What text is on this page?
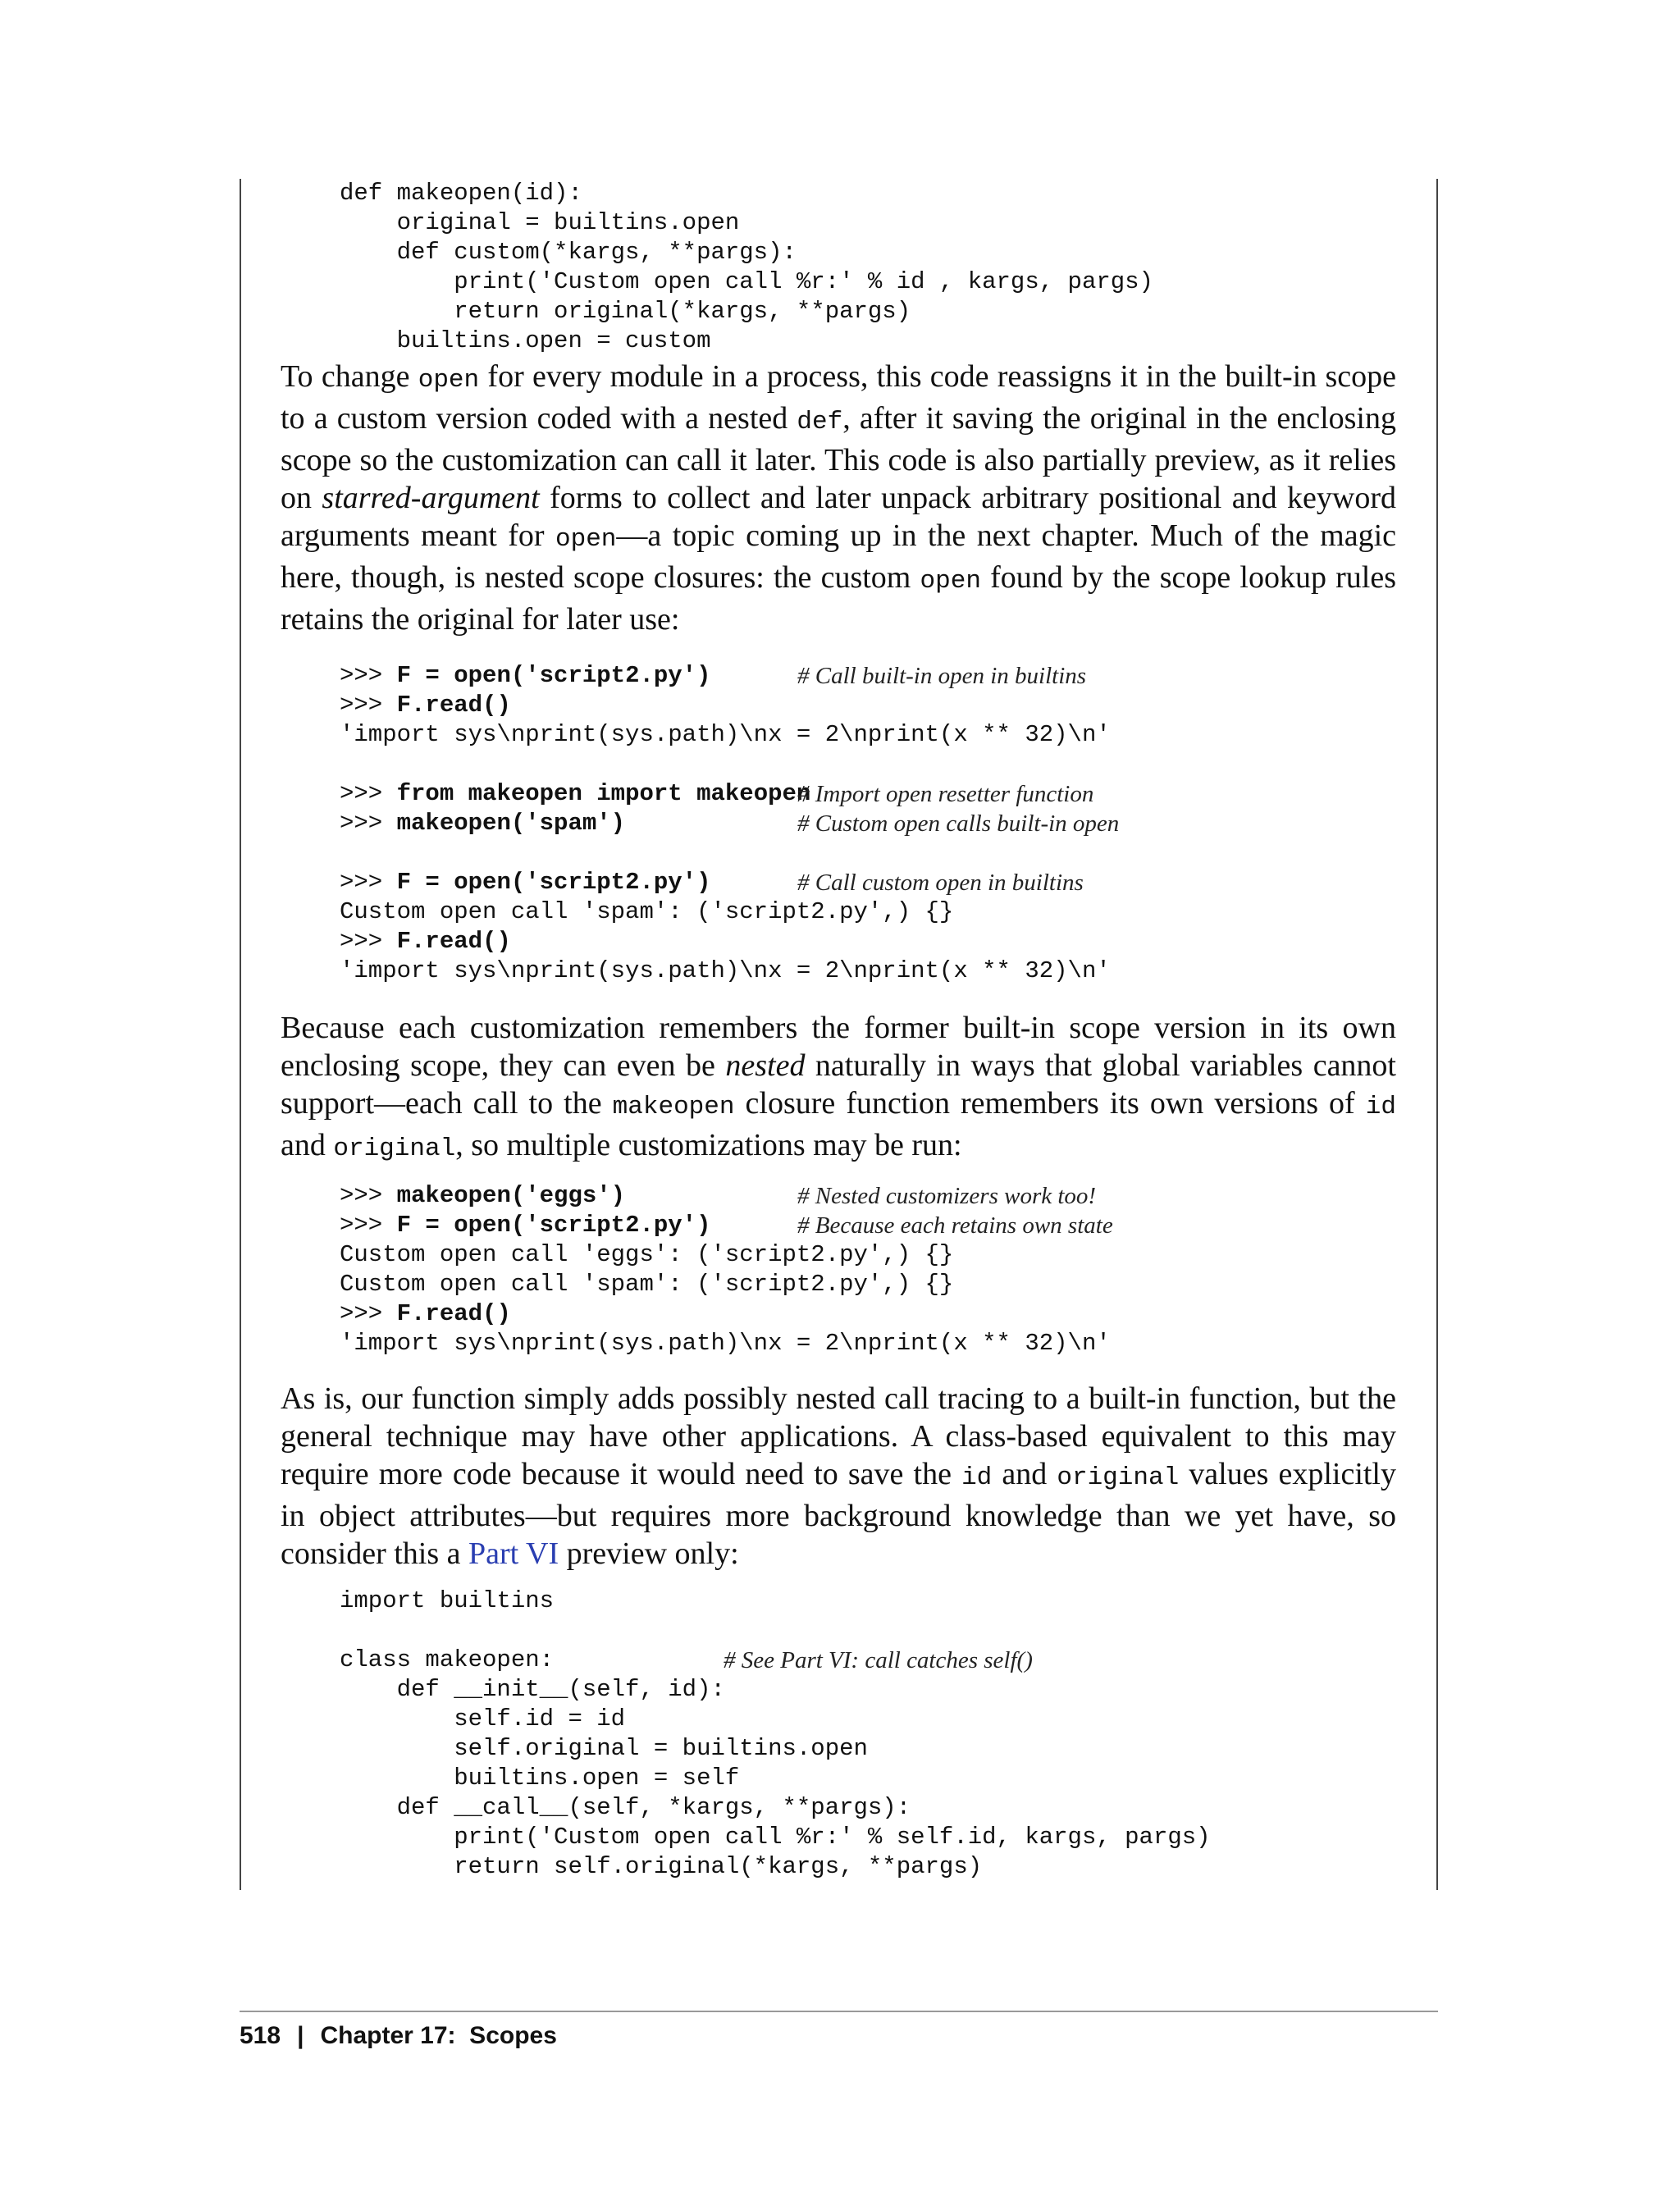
def makeopen(id):
original = builtins.open
def custom(*kargs, **pargs):
print('Custom open call %r:' % id , kargs, pargs)
return original(*kargs, **pargs)
builtins.open = custom

To change open for every module in a process, this code reassigns it in the built-in scope to a custom version coded with a nested def, after it saving the original in the enclosing scope so the customization can call it later. This code is also partially preview, as it relies on starred-argument forms to collect and later unpack arbitrary positional and keyword arguments meant for open—a topic coming up in the next chapter. Much of the magic here, though, is nested scope closures: the custom open found by the scope lookup rules retains the original for later use:

>>> F = open('script2.py')	# Call built-in open in builtins
>>> F.read()
'import sys\nprint(sys.path)\nx = 2\nprint(x ** 32)\n'
>>> from makeopen import makeopen
# Import open resetter function
>>> makeopen('spam')	# Custom open calls built-in open
>>> F = open('script2.py')	# Call custom open in builtins
Custom open call 'spam': ('script2.py',) {}
>>> F.read()
'import sys\nprint(sys.path)\nx = 2\nprint(x ** 32)\n'

Because each customization remembers the former built-in scope version in its own enclosing scope, they can even be nested naturally in ways that global variables cannot support—each call to the makeopen closure function remembers its own versions of id and original, so multiple customizations may be run:

>>> makeopen('eggs')	# Nested customizers work too!
>>> F = open('script2.py')	# Because each retains own state
Custom open call 'eggs': ('script2.py',) {}
Custom open call 'spam': ('script2.py',) {}
>>> F.read()
'import sys\nprint(sys.path)\nx = 2\nprint(x ** 32)\n'

As is, our function simply adds possibly nested call tracing to a built-in function, but the general technique may have other applications. A class-based equivalent to this may require more code because it would need to save the id and original values explicitly in object attributes—but requires more background knowledge than we yet have, so consider this a Part VI preview only:

import builtins
class makeopen:	# See Part VI: call catches self()
def __init__(self, id):
self.id = id
self.original = builtins.open
builtins.open = self
def __call__(self, *kargs, **pargs):
print('Custom open call %r:' % self.id, kargs, pargs)
return self.original(*kargs, **pargs)
518 | Chapter 17:  Scopes
